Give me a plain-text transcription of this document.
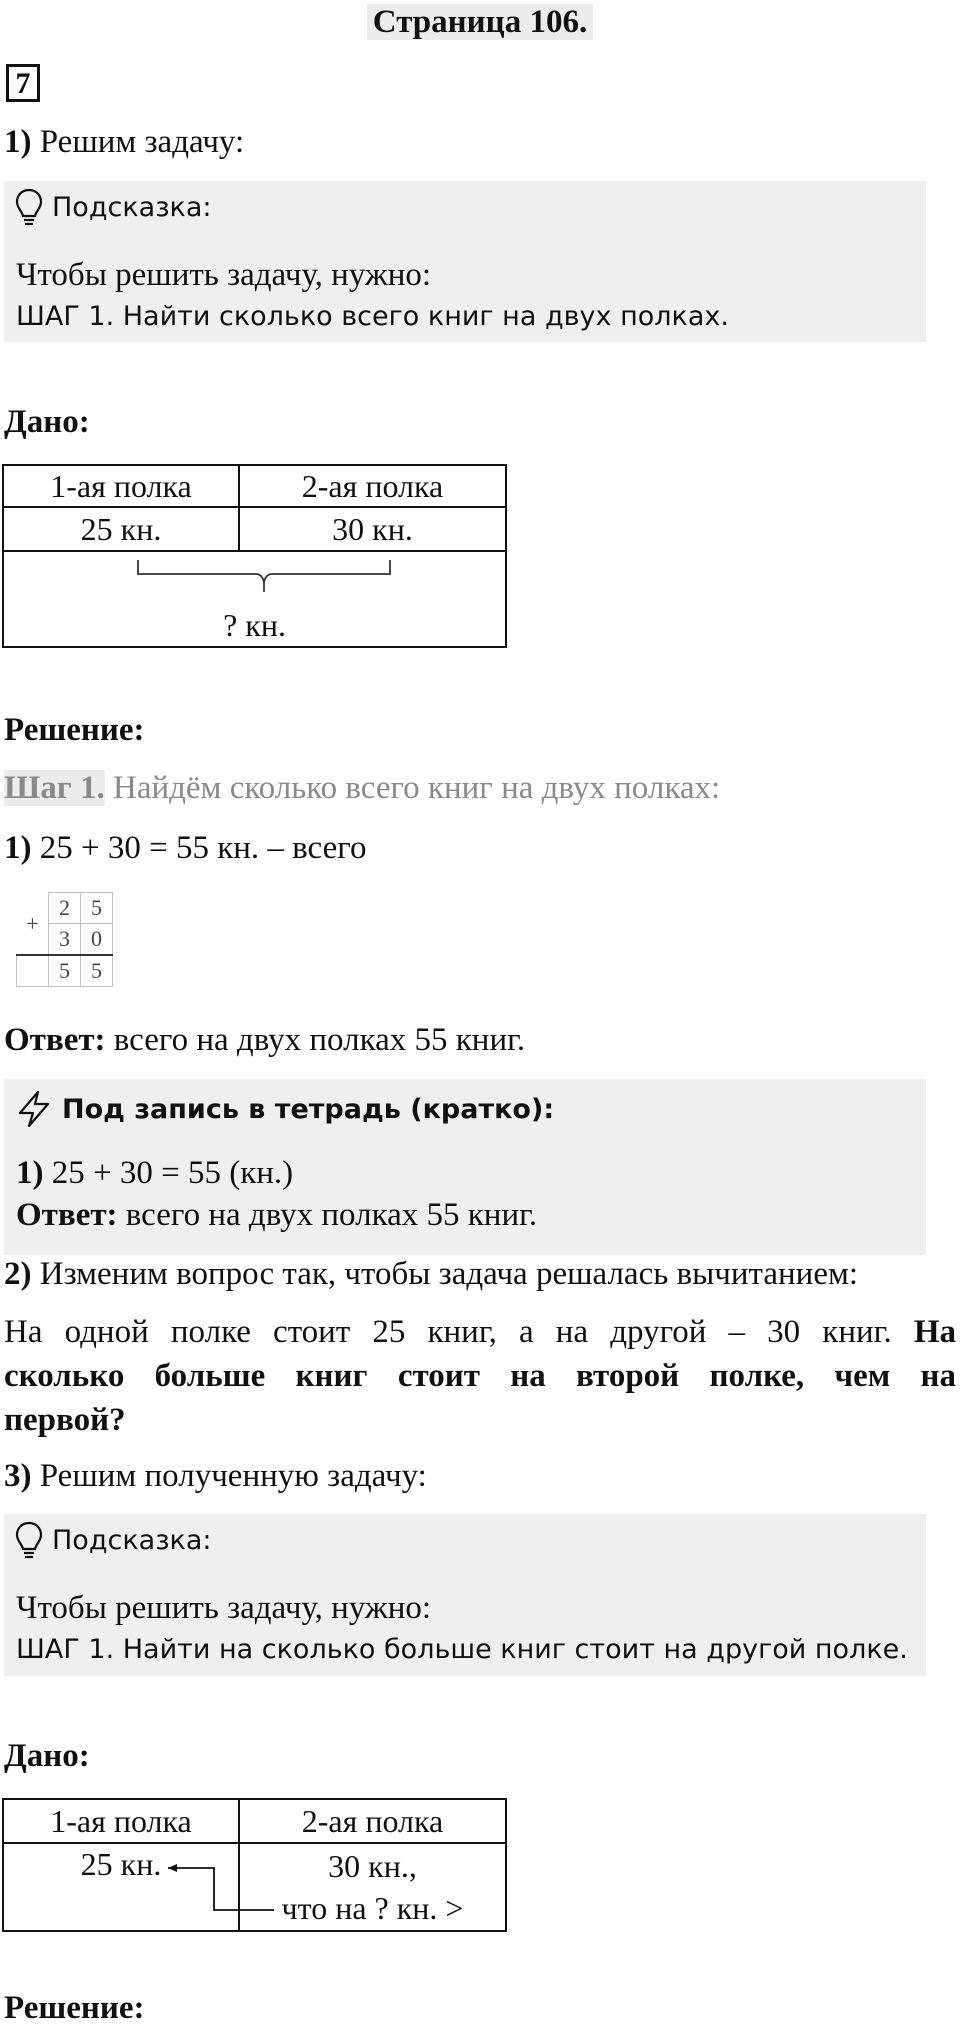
Страница 106.
7
1) Решим задачу:
Подсказка:
Чтобы решить задачу, нужно:
ШАГ 1. Найти сколько всего книг на двух полках.
Дано:
1-ая полка	2-ая полка
25 кн.	30 кн.

? кн.	
Решение:
Шаг 1. Найдём сколько всего книг на двух полках:
1) 25 + 30 = 55 кн. – всего
+	2	5
	3	0
	5	5
Ответ: всего на двух полках 55 книг.
Под запись в тетрадь (кратко) :
1) 25 + 30 = 55 (кн.)
Ответ: всего на двух полках 55 книг.
2) Изменим вопрос так, чтобы задача решалась вычитанием:
На одной полке стоит 25 книг, а на другой – 30 книг. На
сколько больше книг стоит на второй полке, чем на
первой?
3) Решим полученную задачу:
Подсказка:
Чтобы решить задачу, нужно:
ШАГ 1. Найти на сколько больше книг стоит на другой полке.
Дано:
1-ая полка	2-ая полка
25 кн.	30 кн.,
что на ? кн. >
Решение:
